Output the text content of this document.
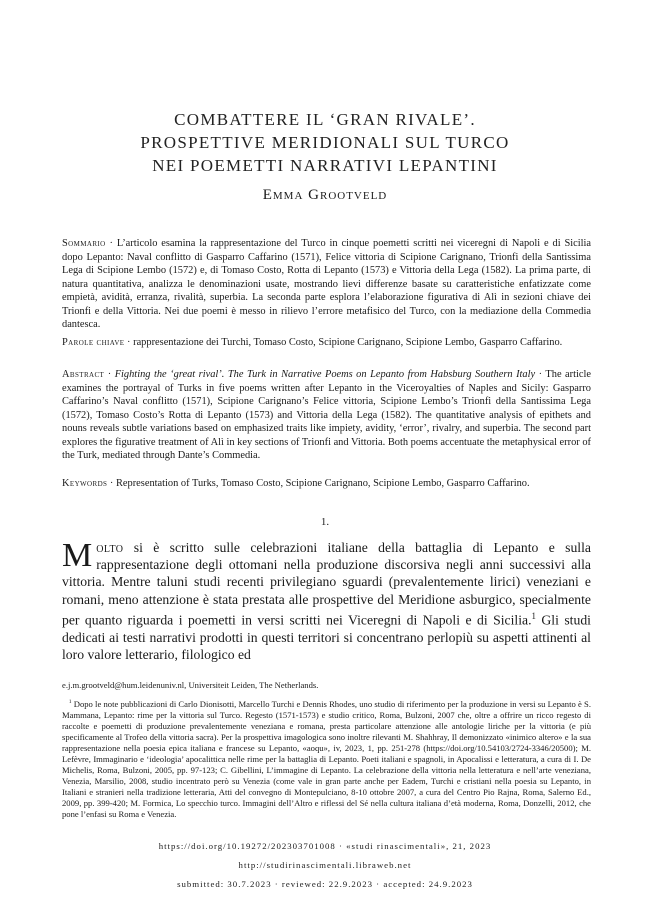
COMBATTERE IL ‘GRAN RIVALE’.
PROSPETTIVE MERIDIONALI SUL TURCO
NEI POEMETTI NARRATIVI LEPANTINI
Emma Grootveld
Sommario · L’articolo esamina la rappresentazione del Turco in cinque poemetti scritti nei viceregni di Napoli e di Sicilia dopo Lepanto: Naval conflitto di Gasparro Caffarino (1571), Felice vittoria di Scipione Carignano, Trionfi della Santissima Lega di Scipione Lembo (1572) e, di Tomaso Costo, Rotta di Lepanto (1573) e Vittoria della Lega (1582). La prima parte, di natura quantitativa, analizza le denominazioni usate, mostrando lievi differenze basate su caratteristiche enfatizzate come empietà, avidità, erranza, rivalità, superbia. La seconda parte esplora l’elaborazione figurativa di Alì in sezioni chiave dei Trionfi e della Vittoria. Nei due poemi è messo in rilievo l’errore metafisico del Turco, con la mediazione della Commedia dantesca.
Parole chiave · rappresentazione dei Turchi, Tomaso Costo, Scipione Carignano, Scipione Lembo, Gasparro Caffarino.
Abstract · Fighting the ‘great rival’. The Turk in Narrative Poems on Lepanto from Habsburg Southern Italy · The article examines the portrayal of Turks in five poems written after Lepanto in the Viceroyalties of Naples and Sicily: Gasparro Caffarino’s Naval conflitto (1571), Scipione Carignano’s Felice vittoria, Scipione Lembo’s Trionfi della Santissima Lega (1572), Tomaso Costo’s Rotta di Lepanto (1573) and Vittoria della Lega (1582). The quantitative analysis of epithets and nouns reveals subtle variations based on emphasized traits like impiety, avidity, ‘error’, rivalry, and superbia. The second part explores the figurative treatment of Alì in key sections of Trionfi and Vittoria. Both poems accentuate the metaphysical error of the Turk, mediated through Dante’s Commedia.
Keywords · Representation of Turks, Tomaso Costo, Scipione Carignano, Scipione Lembo, Gasparro Caffarino.
1.
Molto si è scritto sulle celebrazioni italiane della battaglia di Lepanto e sulla rappresentazione degli ottomani nella produzione discorsiva negli anni successivi alla vittoria. Mentre taluni studi recenti privilegiano sguardi (prevalentemente lirici) veneziani e romani, meno attenzione è stata prestata alle prospettive del Meridione asburgico, specialmente per quanto riguarda i poemetti in versi scritti nei Viceregni di Napoli e di Sicilia.$^1$ Gli studi dedicati ai testi narrativi prodotti in questi territori si concentrano perlopiù su aspetti attinenti al loro valore letterario, filologico ed

e.j.m.grootveld@hum.leidenuniv.nl, Universiteit Leiden, The Netherlands.

$^1$ Dopo le note pubblicazioni di Carlo Dionisotti, Marcello Turchi e Dennis Rhodes, uno studio di riferimento per la produzione in versi su Lepanto è S. Mammana, Lepanto: rime per la vittoria sul Turco. Regesto (1571-1573) e studio critico, Roma, Bulzoni, 2007 che, oltre a offrire un ricco regesto di raccolte e poemetti di produzione prevalentemente veneziana e romana, presta particolare attenzione alle antologie liriche per la vittoria (e più specificamente al Trofeo della vittoria sacra). Per la prospettiva imagologica sono inoltre rilevanti M. Shahhray, Il demonizzato «inimico altero» e la sua rappresentazione nella poesia epica italiana e francese su Lepanto, «aoqu», iv, 2023, 1, pp. 251-278 (https://doi.org/10.54103/2724-3346/20500); M. Lefèvre, Immaginario e ‘ideologia’ apocalittica nelle rime per la battaglia di Lepanto. Poeti italiani e spagnoli, in Apocalissi e letteratura, a cura di I. De Michelis, Roma, Bulzoni, 2005, pp. 97-123; C. Gibellini, L’immagine di Lepanto. La celebrazione della vittoria nella letteratura e nell’arte veneziana, Venezia, Marsilio, 2008, studio incentrato però su Venezia (come vale in gran parte anche per Eadem, Turchi e cristiani nella poesia su Lepanto, in Italiani e stranieri nella tradizione letteraria, Atti del convegno di Montepulciano, 8-10 ottobre 2007, a cura del Centro Pio Rajna, Roma, Salerno Ed., 2009, pp. 399-420; M. Formica, Lo specchio turco. Immagini dell’Altro e riflessi del Sé nella cultura italiana d’età moderna, Roma, Donzelli, 2012, che pone l’enfasi su Roma e Venezia.

https://doi.org/10.19272/202303701008 · «studi rinascimentali», 21, 2023
http://studirinascimentali.libraweb.net
submitted: 30.7.2023 · reviewed: 22.9.2023 · accepted: 24.9.2023
